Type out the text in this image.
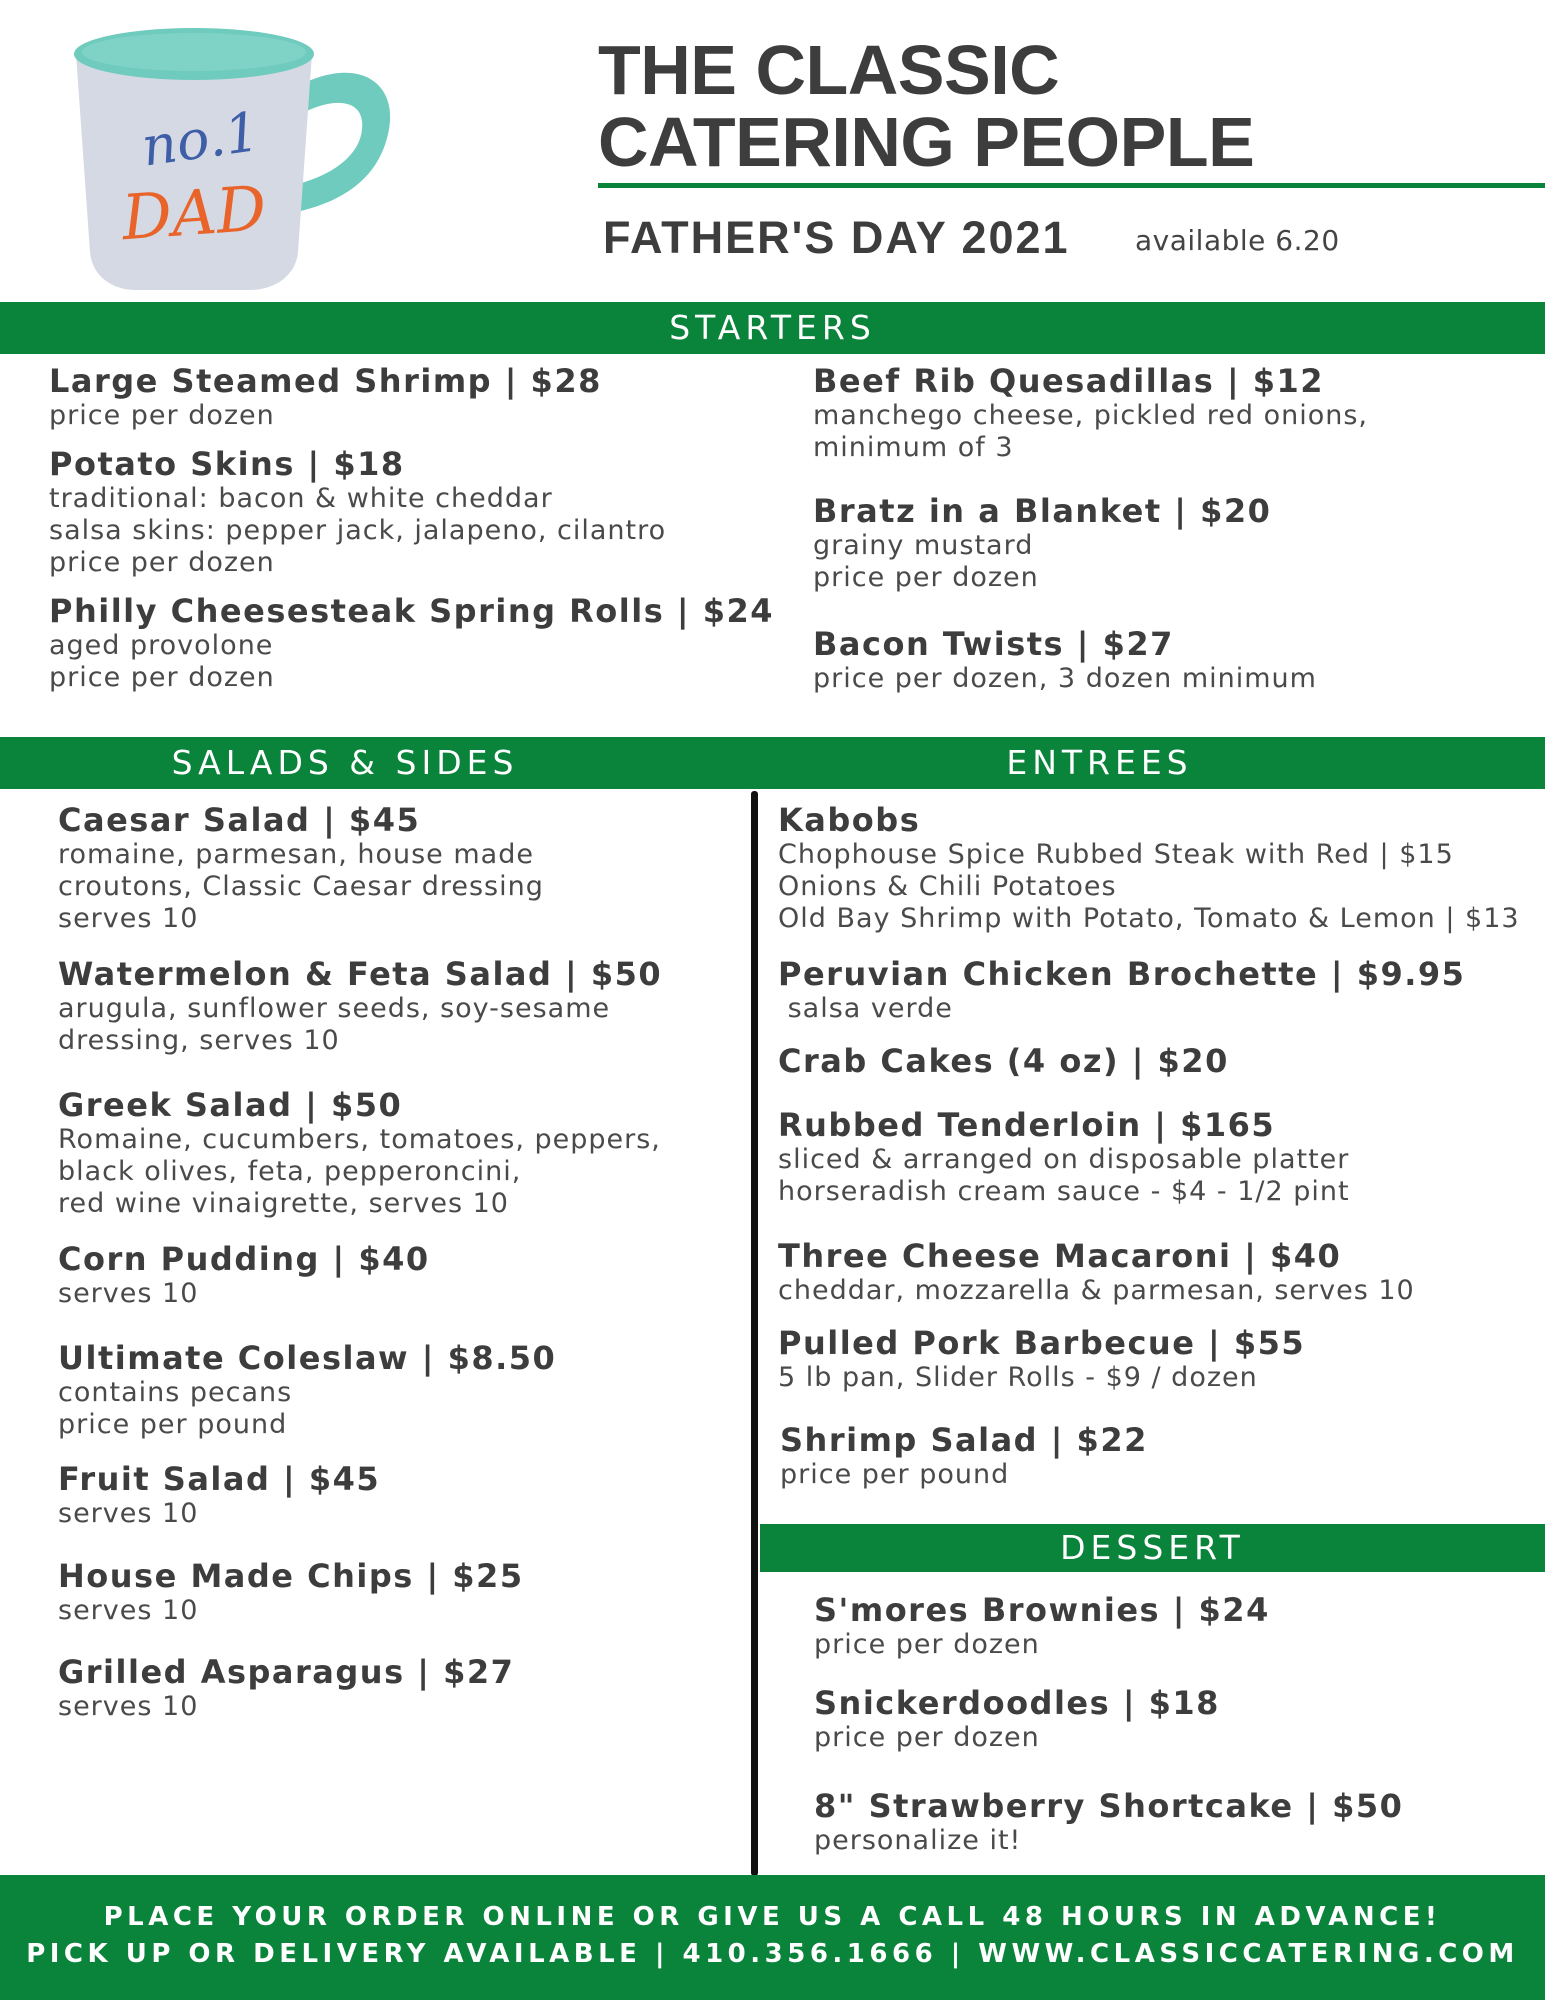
no.1
DAD
THE CLASSIC
CATERING PEOPLE
FATHER'S DAY 2021 available 6.20
STARTERS
Large Steamed Shrimp | $28
price per dozen
Potato Skins | $18
traditional: bacon & white cheddar
salsa skins: pepper jack, jalapeno, cilantro
price per dozen
Philly Cheesesteak Spring Rolls | $24
aged provolone
price per dozen
Beef Rib Quesadillas | $12
manchego cheese, pickled red onions,
minimum of 3
Bratz in a Blanket | $20
grainy mustard
price per dozen
Bacon Twists | $27
price per dozen, 3 dozen minimum
SALADS & SIDES	ENTREES
Caesar Salad | $45
romaine, parmesan, house made
croutons, Classic Caesar dressing
serves 10
Watermelon & Feta Salad | $50
arugula, sunflower seeds, soy-sesame
dressing, serves 10
Greek Salad | $50
Romaine, cucumbers, tomatoes, peppers,
black olives, feta, pepperoncini,
red wine vinaigrette, serves 10
Corn Pudding | $40
serves 10
Ultimate Coleslaw | $8.50
contains pecans
price per pound
Fruit Salad | $45
serves 10
House Made Chips | $25
serves 10
Grilled Asparagus | $27
serves 10
Kabobs
Chophouse Spice Rubbed Steak with Red | $15
Onions & Chili Potatoes
Old Bay Shrimp with Potato, Tomato & Lemon | $13
Peruvian Chicken Brochette | $9.95
salsa verde
Crab Cakes (4 oz) | $20
Rubbed Tenderloin | $165
sliced & arranged on disposable platter
horseradish cream sauce - $4 - 1/2 pint
Three Cheese Macaroni | $40
cheddar, mozzarella & parmesan, serves 10
Pulled Pork Barbecue | $55
5 lb pan, Slider Rolls - $9 / dozen
Shrimp Salad | $22
price per pound
DESSERT
S'mores Brownies | $24
price per dozen
Snickerdoodles | $18
price per dozen
8" Strawberry Shortcake | $50
personalize it!
PLACE YOUR ORDER ONLINE OR GIVE US A CALL 48 HOURS IN ADVANCE!
PICK UP OR DELIVERY AVAILABLE | 410.356.1666 | WWW.CLASSICCATERING.COM
